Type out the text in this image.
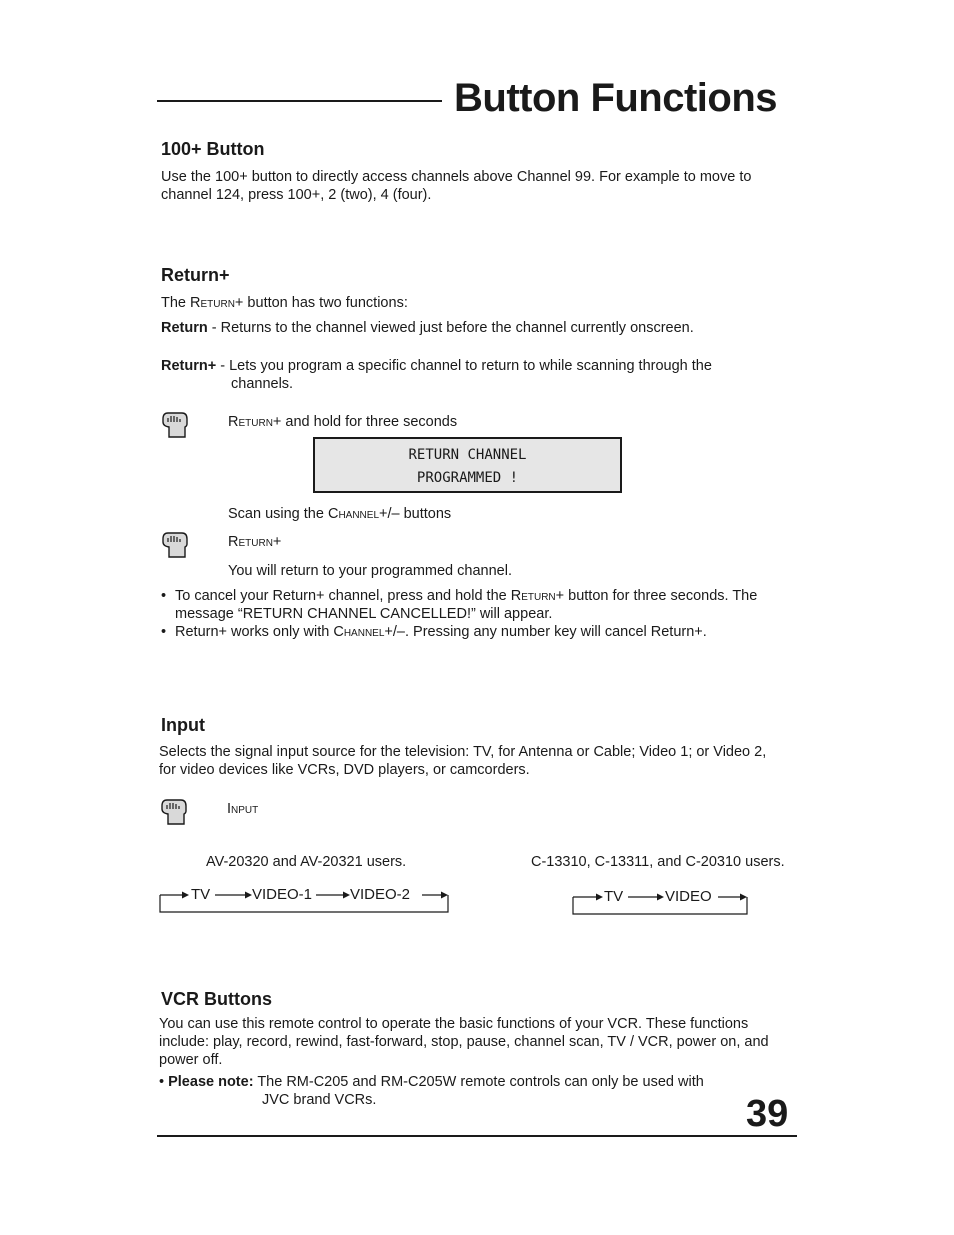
Button Functions
100+ Button
Use the 100+ button to directly access channels above Channel 99. For example to move to
channel 124, press 100+, 2 (two), 4 (four).
Return+
The Return+ button has two functions:
Return - Returns to the channel viewed just before the channel currently onscreen.
Return+ - Lets you program a specific channel to return to while scanning through the
channels.
Return+ and hold for three seconds
RETURN CHANNEL
PROGRAMMED !
Scan using the Channel+/– buttons
Return+
You will return to your programmed channel.
• To cancel your Return+ channel, press and hold the Return+ button for three seconds. The
message “RETURN CHANNEL CANCELLED!” will appear.
• Return+ works only with Channel+/–. Pressing any number key will cancel Return+.
Input
Selects the signal input source for the television: TV, for Antenna or Cable; Video 1; or Video 2,
for video devices like VCRs, DVD players, or camcorders.
Input
AV-20320 and AV-20321 users.	C-13310, C-13311, and C-20310 users.
TV	VIDEO-1	VIDEO-2	TV	VIDEO
VCR Buttons
You can use this remote control to operate the basic functions of your VCR. These functions
include: play, record, rewind, fast-forward, stop, pause, channel scan, TV / VCR, power on, and
power off.
• Please note: The RM-C205 and RM-C205W remote controls can only be used with
JVC brand VCRs.	39
